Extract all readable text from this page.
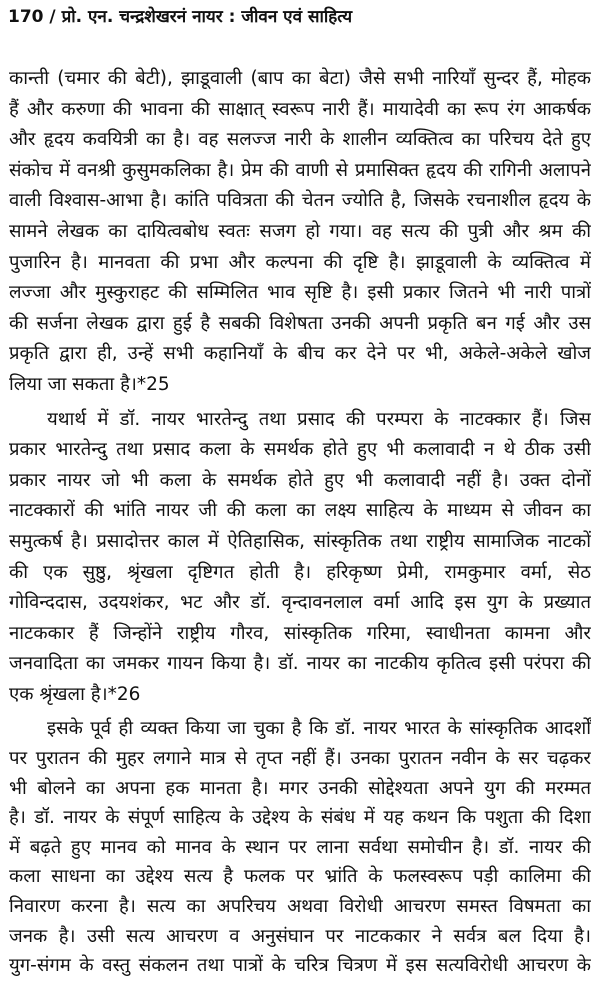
170 / प्रो. एन. चन्द्रशेखरनं नायर : जीवन एवं साहित्य
कान्ती (चमार की बेटी), झाडूवाली (बाप का बेटा) जैसे सभी नारियाँ सुन्दर हैं, मोहक
हैं और करुणा की भावना की साक्षात् स्वरूप नारी हैं। मायादेवी का रूप रंग आकर्षक
और हृदय कवयित्री का है। वह सलज्ज नारी के शालीन व्यक्तित्व का परिचय देते हुए
संकोच में वनश्री कुसुमकलिका है। प्रेम की वाणी से प्रमासिक्त हृदय की रागिनी अलापने
वाली विश्वास-आभा है। कांति पवित्रता की चेतन ज्योति है, जिसके रचनाशील हृदय के
सामने लेखक का दायित्वबोध स्वतः सजग हो गया। वह सत्य की पुत्री और श्रम की
पुजारिन है। मानवता की प्रभा और कल्पना की दृष्टि है। झाडूवाली के व्यक्तित्व में
लज्जा और मुस्कुराहट की सम्मिलित भाव सृष्टि है। इसी प्रकार जितने भी नारी पात्रों
की सर्जना लेखक द्वारा हुई है सबकी विशेषता उनकी अपनी प्रकृति बन गई और उस
प्रकृति द्वारा ही, उन्हें सभी कहानियाँ के बीच कर देने पर भी, अकेले-अकेले खोज
लिया जा सकता है।*25
यथार्थ में डॉ. नायर भारतेन्दु तथा प्रसाद की परम्परा के नाटक्कार हैं। जिस
प्रकार भारतेन्दु तथा प्रसाद कला के समर्थक होते हुए भी कलावादी न थे ठीक उसी
प्रकार नायर जो भी कला के समर्थक होते हुए भी कलावादी नहीं है। उक्त दोनों
नाटक्कारों की भांति नायर जी की कला का लक्ष्य साहित्य के माध्यम से जीवन का
समुत्कर्ष है। प्रसादोत्तर काल में ऐतिहासिक, सांस्कृतिक तथा राष्ट्रीय सामाजिक नाटकों
की एक सुष्ठु, श्रृंखला दृष्टिगत होती है। हरिकृष्ण प्रेमी, रामकुमार वर्मा, सेठ
गोविन्ददास, उदयशंकर, भट और डॉ. वृन्दावनलाल वर्मा आदि इस युग के प्रख्यात
नाटककार हैं जिन्होंने राष्ट्रीय गौरव, सांस्कृतिक गरिमा, स्वाधीनता कामना और
जनवादिता का जमकर गायन किया है। डॉ. नायर का नाटकीय कृतित्व इसी परंपरा की
एक श्रृंखला है।*26
इसके पूर्व ही व्यक्त किया जा चुका है कि डॉ. नायर भारत के सांस्कृतिक आदर्शों
पर पुरातन की मुहर लगाने मात्र से तृप्त नहीं हैं। उनका पुरातन नवीन के सर चढ़कर
भी बोलने का अपना हक मानता है। मगर उनकी सोद्देश्यता अपने युग की मरम्मत
है। डॉ. नायर के संपूर्ण साहित्य के उद्देश्य के संबंध में यह कथन कि पशुता की दिशा
में बढ़ते हुए मानव को मानव के स्थान पर लाना सर्वथा समोचीन है। डॉ. नायर की
कला साधना का उद्देश्य सत्य है फलक पर भ्रांति के फलस्वरूप पड़ी कालिमा की
निवारण करना है। सत्य का अपरिचय अथवा विरोधी आचरण समस्त विषमता का
जनक है। उसी सत्य आचरण व अनुसंघान पर नाटककार ने सर्वत्र बल दिया है।
युग-संगम के वस्तु संकलन तथा पात्रों के चरित्र चित्रण में इस सत्यविरोधी आचरण के
